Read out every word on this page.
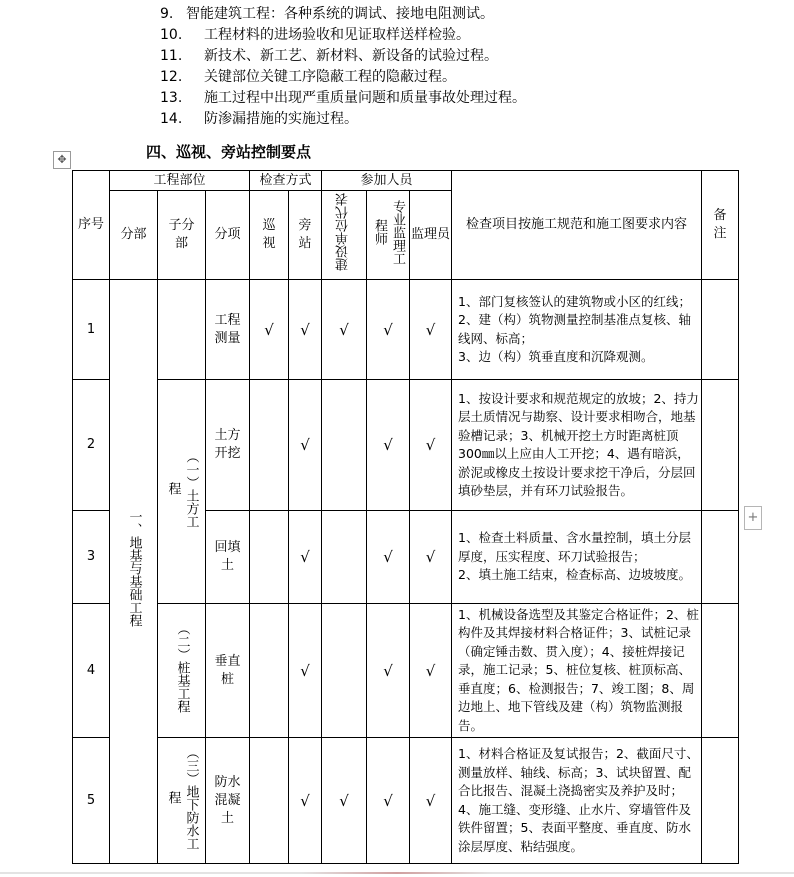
9. 智能建筑工程：各种系统的调试、接地电阻测试。
10. 工程材料的进场验收和见证取样送样检验。
11. 新技术、新工艺、新材料、新设备的试验过程。
12. 关键部位关键工序隐蔽工程的隐蔽过程。
13. 施工过程中出现严重质量问题和质量事故处理过程。
14. 防渗漏措施的实施过程。
✥	四、巡视、旁站控制要点
序号	工程部位			检查方式		参加人员			检查项目按施工规范和施工图要求内容	备注

	分部	子分部	分项	巡视	旁站	建设单位代表	专业监理工程师	监理员		
1	一、地基与基础工程		工程测量	√	√	√	√	√	1、部门复核签认的建筑物或小区的红线；
2、建（构）筑物测量控制基准点复核、轴线网、标高；
3、边（构）筑垂直度和沉降观测。	

2		（一）土方工程	土方开挖		√		√	√	1、按设计要求和规范规定的放坡；2、持力层土质情况与勘察、设计要求相吻合，地基验槽记录；3、机械开挖土方时距离桩顶300㎜以上应由人工开挖；4、遇有暗浜，淤泥或橡皮土按设计要求挖干净后，分层回填砂垫层，并有环刀试验报告。	

3			回填土		√		√	√	1、检查土料质量、含水量控制，填土分层厚度，压实程度、环刀试验报告；
2、填土施工结束，检查标高、边坡坡度。	

4		（二）桩基工程	垂直桩		√		√	√	1、机械设备选型及其鉴定合格证件；2、桩构件及其焊接材料合格证件；3、试桩记录（确定锤击数、贯入度）；4、接桩焊接记录，施工记录；5、桩位复核、桩顶标高、垂直度；6、检测报告；7、竣工图；8、周边地上、地下管线及建（构）筑物监测报告。	

5		（三）地下防水工程	防水混凝土		√	√	√	√	1、材料合格证及复试报告；2、截面尺寸、测量放样、轴线、标高；3、试块留置、配合比报告、混凝土浇捣密实及养护及时；4、施工缝、变形缝、止水片、穿墙管件及铁件留置；5、表面平整度、垂直度、防水涂层厚度、粘结强度。	

+
